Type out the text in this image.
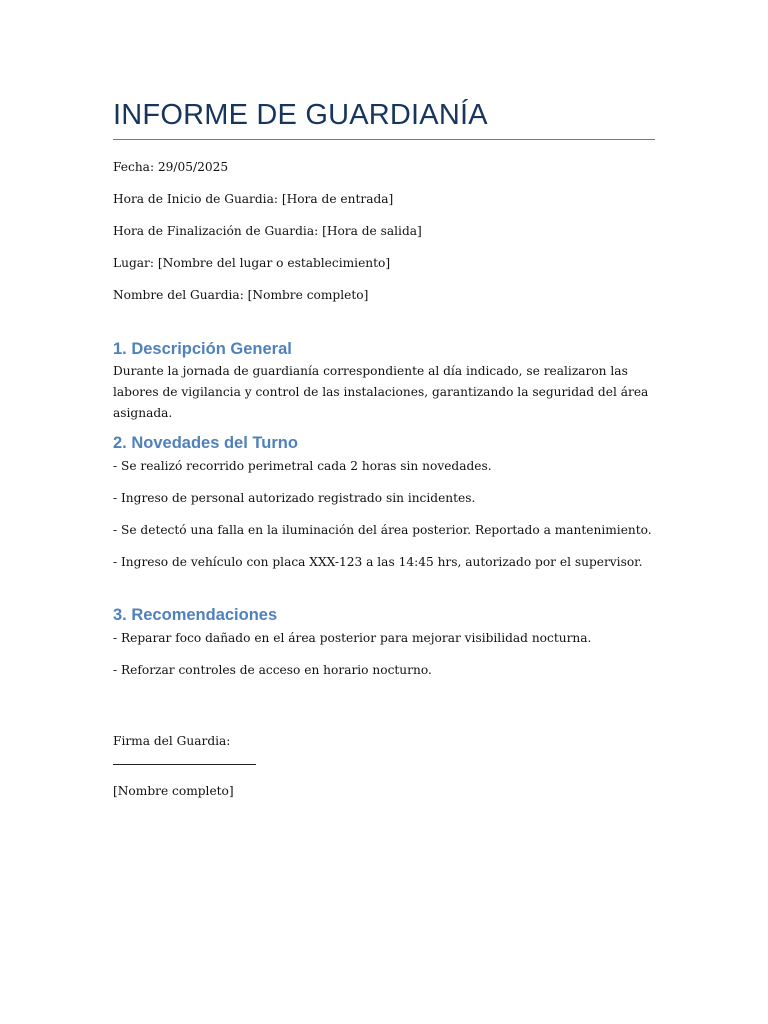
INFORME DE GUARDIANÍA

Fecha: 29/05/2025

Hora de Inicio de Guardia: [Hora de entrada]

Hora de Finalización de Guardia: [Hora de salida]

Lugar: [Nombre del lugar o establecimiento]

Nombre del Guardia: [Nombre completo]

1. Descripción General

Durante la jornada de guardianía correspondiente al día indicado, se realizaron las labores de vigilancia y control de las instalaciones, garantizando la seguridad del área asignada.

2. Novedades del Turno

- Se realizó recorrido perimetral cada 2 horas sin novedades.

- Ingreso de personal autorizado registrado sin incidentes.

- Se detectó una falla en la iluminación del área posterior. Reportado a mantenimiento.

- Ingreso de vehículo con placa XXX-123 a las 14:45 hrs, autorizado por el supervisor.

3. Recomendaciones

- Reparar foco dañado en el área posterior para mejorar visibilidad nocturna.

- Reforzar controles de acceso en horario nocturno.

Firma del Guardia:

[Nombre completo]
